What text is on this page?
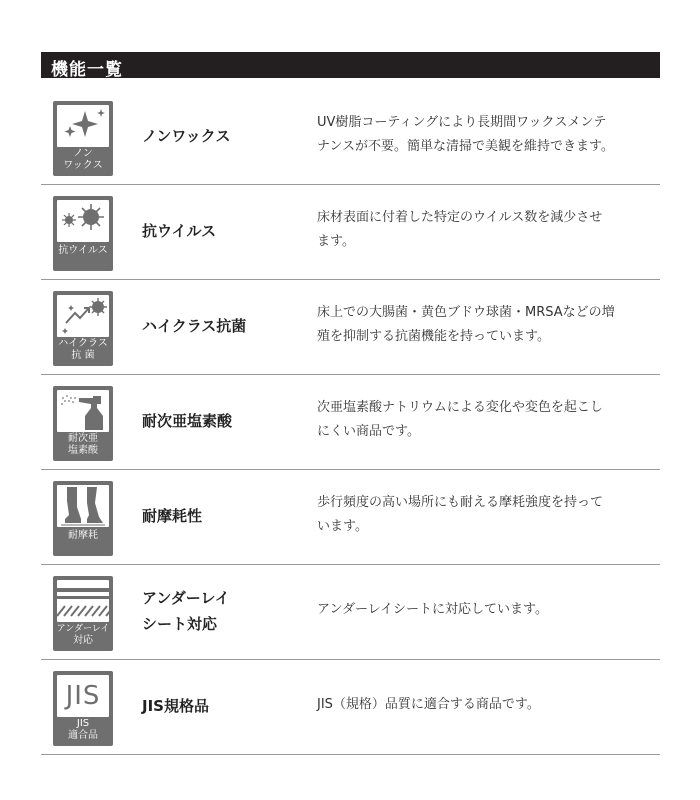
機能一覧
ノン
ワックス
ノンワックス
UV樹脂コーティングにより長期間ワックスメンテ
ナンスが不要。簡単な清掃で美観を維持できます。
抗ウイルス
抗ウイルス
床材表面に付着した特定のウイルス数を減少させ
ます。
ハイクラス
抗 菌
ハイクラス抗菌
床上での大腸菌・黄色ブドウ球菌・MRSAなどの増
殖を抑制する抗菌機能を持っています。
耐次亜
塩素酸
耐次亜塩素酸
次亜塩素酸ナトリウムによる変化や変色を起こし
にくい商品です。
耐摩耗
耐摩耗性
歩行頻度の高い場所にも耐える摩耗強度を持って
います。
アンダーレイ
対応
アンダーレイ
シート対応
アンダーレイシートに対応しています。
JIS
JIS
適合品
JIS規格品	JIS（規格）品質に適合する商品です。
